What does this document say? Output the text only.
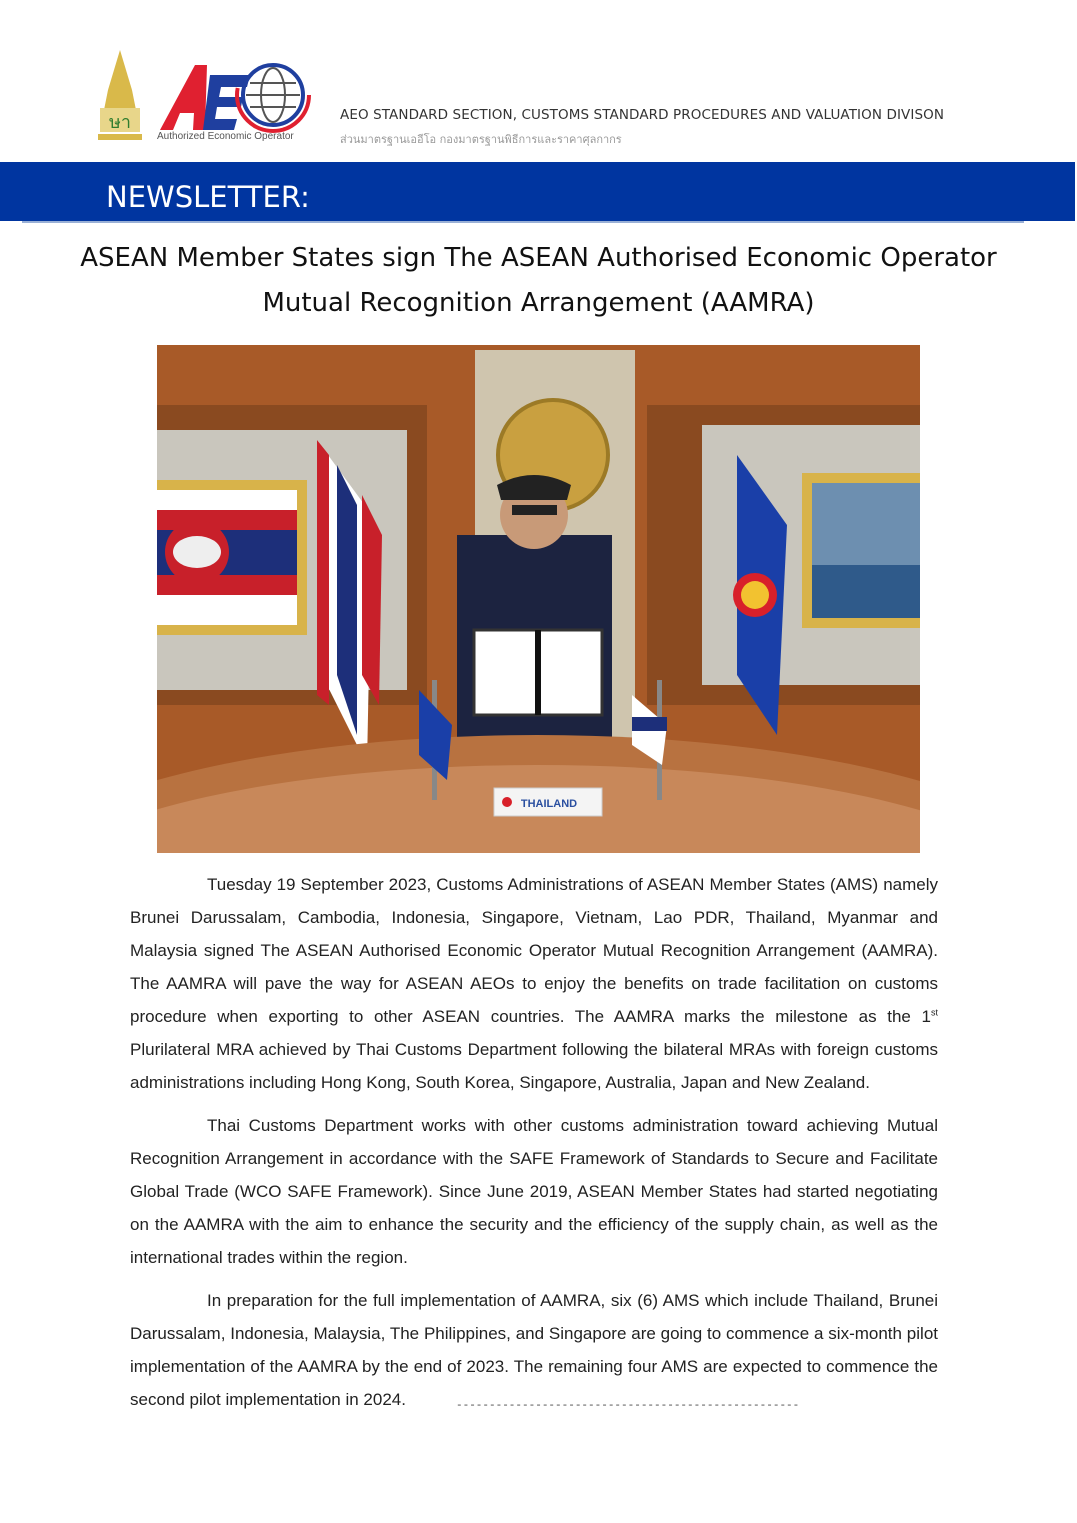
ษา
Authorized Economic Operator
AEO STANDARD SECTION, CUSTOMS STANDARD PROCEDURES AND VALUATION DIVISON
ส่วนมาตรฐานเออีโอ กองมาตรฐานพิธีการและราคาศุลกากร
NEWSLETTER:
ASEAN Member States sign The ASEAN Authorised Economic Operator
Mutual Recognition Arrangement (AAMRA)
THAILAND

Tuesday 19 September 2023, Customs Administrations of ASEAN Member States (AMS) namely Brunei Darussalam, Cambodia, Indonesia, Singapore, Vietnam, Lao PDR, Thailand, Myanmar and Malaysia signed The ASEAN Authorised Economic Operator Mutual Recognition Arrangement (AAMRA). The AAMRA will pave the way for ASEAN AEOs to enjoy the benefits on trade facilitation on customs procedure when exporting to other ASEAN countries. The AAMRA marks the milestone as the 1st Plurilateral MRA achieved by Thai Customs Department following the bilateral MRAs with foreign customs administrations including Hong Kong, South Korea, Singapore, Australia, Japan and New Zealand.

Thai Customs Department works with other customs administration toward achieving Mutual Recognition Arrangement in accordance with the SAFE Framework of Standards to Secure and Facilitate Global Trade (WCO SAFE Framework). Since June 2019, ASEAN Member States had started negotiating on the AAMRA with the aim to enhance the security and the efficiency of the supply chain, as well as the international trades within the region.

In preparation for the full implementation of AAMRA, six (6) AMS which include Thailand, Brunei Darussalam, Indonesia, Malaysia, The Philippines, and Singapore are going to commence a six-month pilot implementation of the AAMRA by the end of 2023. The remaining four AMS are expected to commence the second pilot implementation in 2024.	----------------------------------------------------
